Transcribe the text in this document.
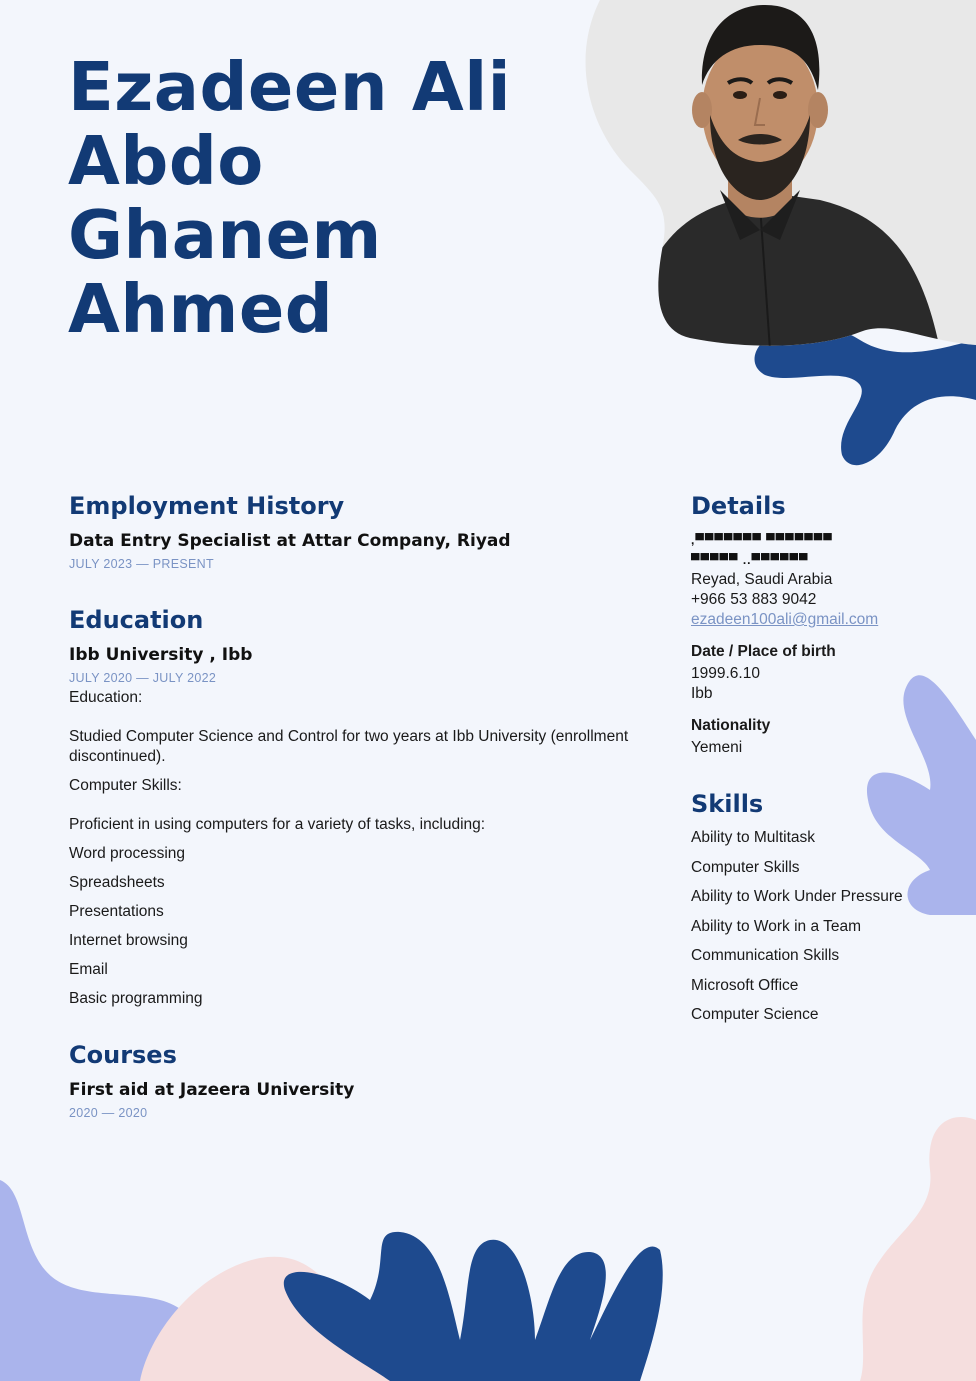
Ezadeen Ali
Abdo
Ghanem
Ahmed
Employment History
Data Entry Specialist at Attar Company, Riyad
JULY 2023 — PRESENT
Education
Ibb University , Ibb
JULY 2020 — JULY 2022

Education:

Studied Computer Science and Control for two years at Ibb University (enrollment discontinued).

Computer Skills:

Proficient in using computers for a variety of tasks, including:

Word processing

Spreadsheets

Presentations

Internet browsing

Email

Basic programming

Courses
First aid at Jazeera University
2020 — 2020
Details
,▀▀▀▀▀▀▀ ▀▀▀▀▀▀▀
▀▀▀▀▀ ..▀▀▀▀▀▀
Reyad, Saudi Arabia
+966 53 883 9042
ezadeen100ali@gmail.com
Date / Place of birth
1999.6.10
Ibb
Nationality
Yemeni
Skills
Ability to Multitask
Computer Skills
Ability to Work Under Pressure
Ability to Work in a Team
Communication Skills
Microsoft Office
Computer Science
